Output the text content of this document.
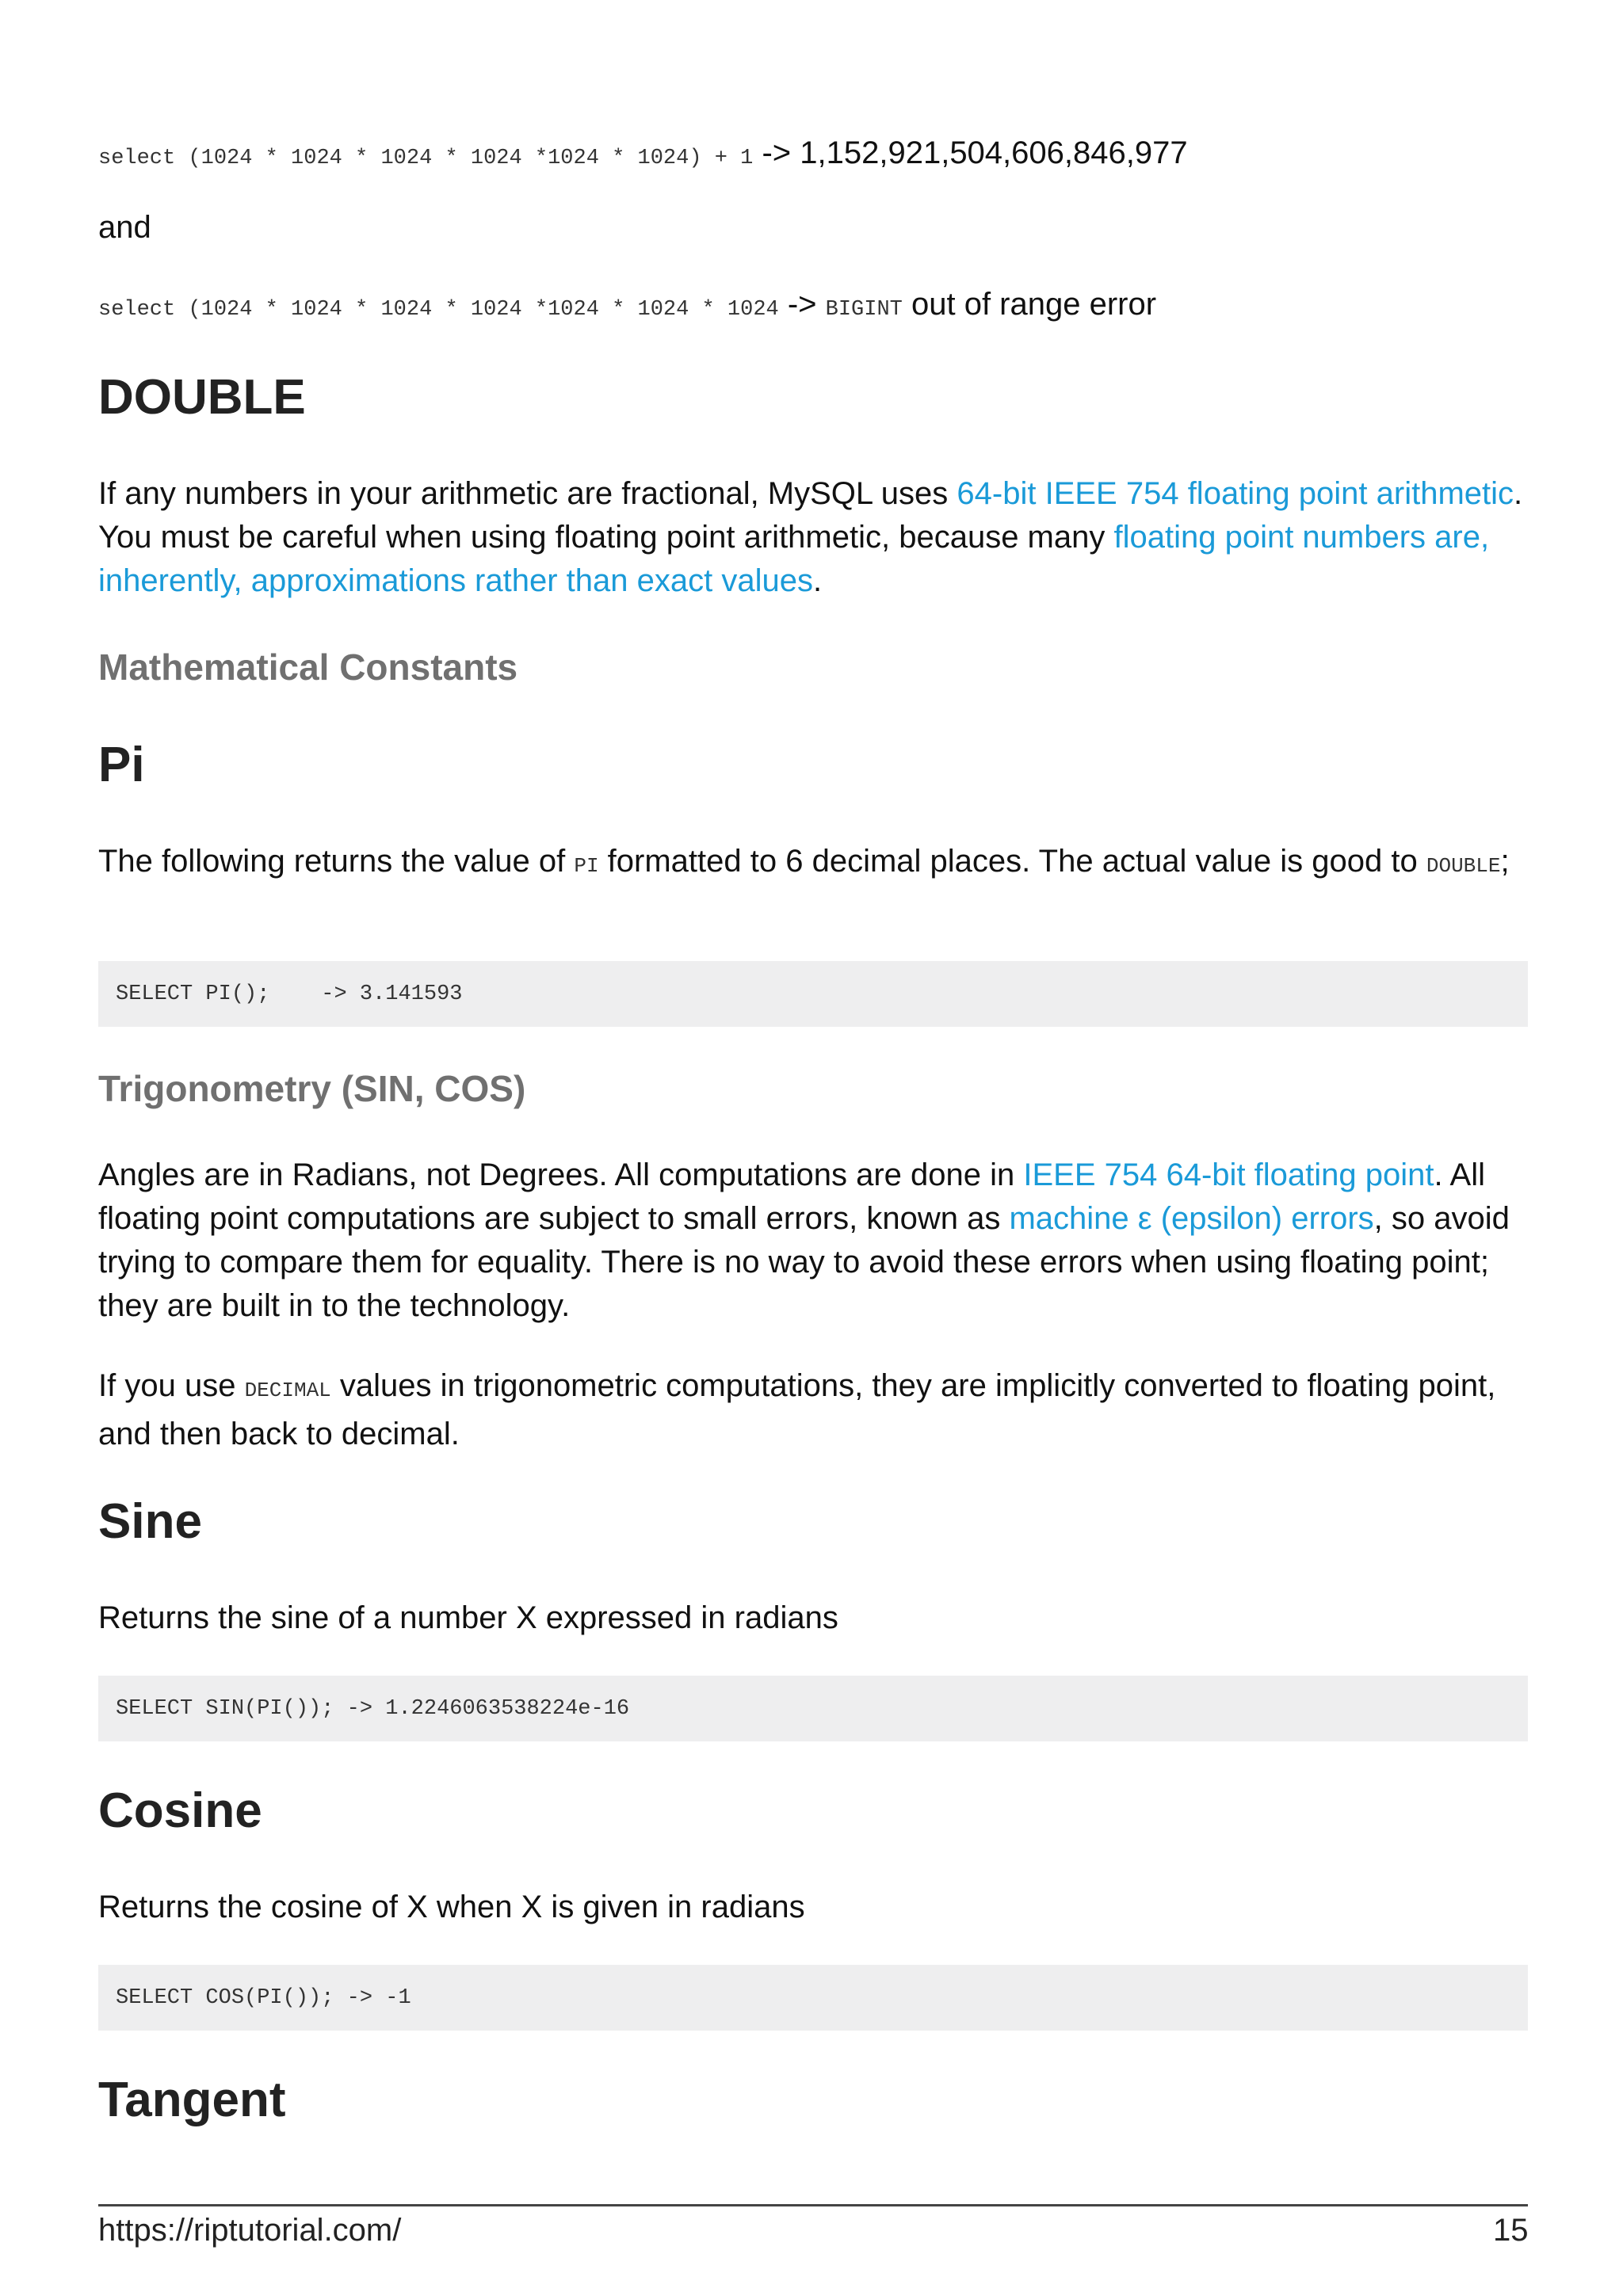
select (1024 * 1024 * 1024 * 1024 *1024 * 1024) + 1 -> 1,152,921,504,606,846,977

and

select (1024 * 1024 * 1024 * 1024 *1024 * 1024 * 1024 -> BIGINT out of range error

DOUBLE

If any numbers in your arithmetic are fractional, MySQL uses 64-bit IEEE 754 floating point arithmetic. You must be careful when using floating point arithmetic, because many floating point numbers are, inherently, approximations rather than exact values.

Mathematical Constants
Pi

The following returns the value of PI formatted to 6 decimal places. The actual value is good to DOUBLE;

SELECT PI();    -> 3.141593
Trigonometry (SIN, COS)

Angles are in Radians, not Degrees. All computations are done in IEEE 754 64-bit floating point. All floating point computations are subject to small errors, known as machine ε (epsilon) errors, so avoid trying to compare them for equality. There is no way to avoid these errors when using floating point; they are built in to the technology.

If you use DECIMAL values in trigonometric computations, they are implicitly converted to floating point, and then back to decimal.

Sine

Returns the sine of a number X expressed in radians

SELECT SIN(PI()); -> 1.2246063538224e-16
Cosine

Returns the cosine of X when X is given in radians

SELECT COS(PI()); -> -1
Tangent
https://riptutorial.com/	15
